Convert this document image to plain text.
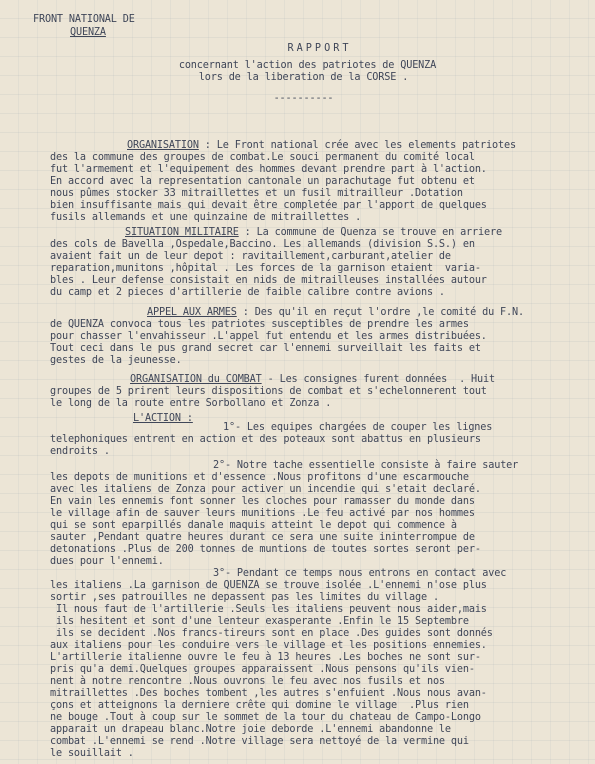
FRONT NATIONAL DE
QUENZA
RAPPORT
concernant l'action des patriotes de QUENZA
lors de la liberation de la CORSE .
----------
ORGANISATION : Le Front national crée avec les elements patriotes
des la commune des groupes de combat.Le souci permanent du comité local
fut l'armement et l'equipement des hommes devant prendre part à l'action.
En accord avec la representation cantonale un parachutage fut obtenu et
nous pûmes stocker 33 mitraillettes et un fusil mitrailleur .Dotation
bien insuffisante mais qui devait être completée par l'apport de quelques
fusils allemands et une quinzaine de mitraillettes .
SITUATION MILITAIRE : La commune de Quenza se trouve en arriere
des cols de Bavella ,Ospedale,Baccino. Les allemands (division S.S.) en
avaient fait un de leur depot : ravitaillement,carburant,atelier de
reparation,munitons ,hôpital . Les forces de la garnison etaient  varia-
bles . Leur defense consistait en nids de mitrailleuses installées autour
du camp et 2 pieces d'artillerie de faible calibre contre avions .
APPEL AUX ARMES : Des qu'il en reçut l'ordre ,le comité du F.N.
de QUENZA convoca tous les patriotes susceptibles de prendre les armes
pour chasser l'envahisseur .L'appel fut entendu et les armes distribuées.
Tout ceci dans le pus grand secret car l'ennemi surveillait les faits et
gestes de la jeunesse.
ORGANISATION du COMBAT - Les consignes furent données  . Huit
groupes de 5 prirent leurs dispositions de combat et s'echelonnerent tout
le long de la route entre Sorbollano et Zonza .
L'ACTION :
1°- Les equipes chargées de couper les lignes
telephoniques entrent en action et des poteaux sont abattus en plusieurs
endroits .
2°- Notre tache essentielle consiste à faire sauter
les depots de munitions et d'essence .Nous profitons d'une escarmouche
avec les italiens de Zonza pour activer un incendie qui s'etait declaré.
En vain les ennemis font sonner les cloches pour ramasser du monde dans
le village afin de sauver leurs munitions .Le feu activé par nos hommes
qui se sont eparpillés danale maquis atteint le depot qui commence à
sauter ,Pendant quatre heures durant ce sera une suite ininterrompue de
detonations .Plus de 200 tonnes de muntions de toutes sortes seront per-
dues pour l'ennemi.
3°- Pendant ce temps nous entrons en contact avec
les italiens .La garnison de QUENZA se trouve isolée .L'ennemi n'ose plus
sortir ,ses patrouilles ne depassent pas les limites du village .
Il nous faut de l'artillerie .Seuls les italiens peuvent nous aider,mais
ils hesitent et sont d'une lenteur exasperante .Enfin le 15 Septembre
ils se decident .Nos francs-tireurs sont en place .Des guides sont donnés
aux italiens pour les conduire vers le village et les positions ennemies.
L'artillerie italienne ouvre le feu à 13 heures .Les boches ne sont sur-
pris qu'a demi.Quelques groupes apparaissent .Nous pensons qu'ils vien-
nent à notre rencontre .Nous ouvrons le feu avec nos fusils et nos
mitraillettes .Des boches tombent ,les autres s'enfuient .Nous nous avan-
çons et atteignons la derniere crête qui domine le village  .Plus rien
ne bouge .Tout à coup sur le sommet de la tour du chateau de Campo-Longo
apparait un drapeau blanc.Notre joie deborde .L'ennemi abandonne le
combat .L'ennemi se rend .Notre village sera nettoyé de la vermine qui
le souillait .
